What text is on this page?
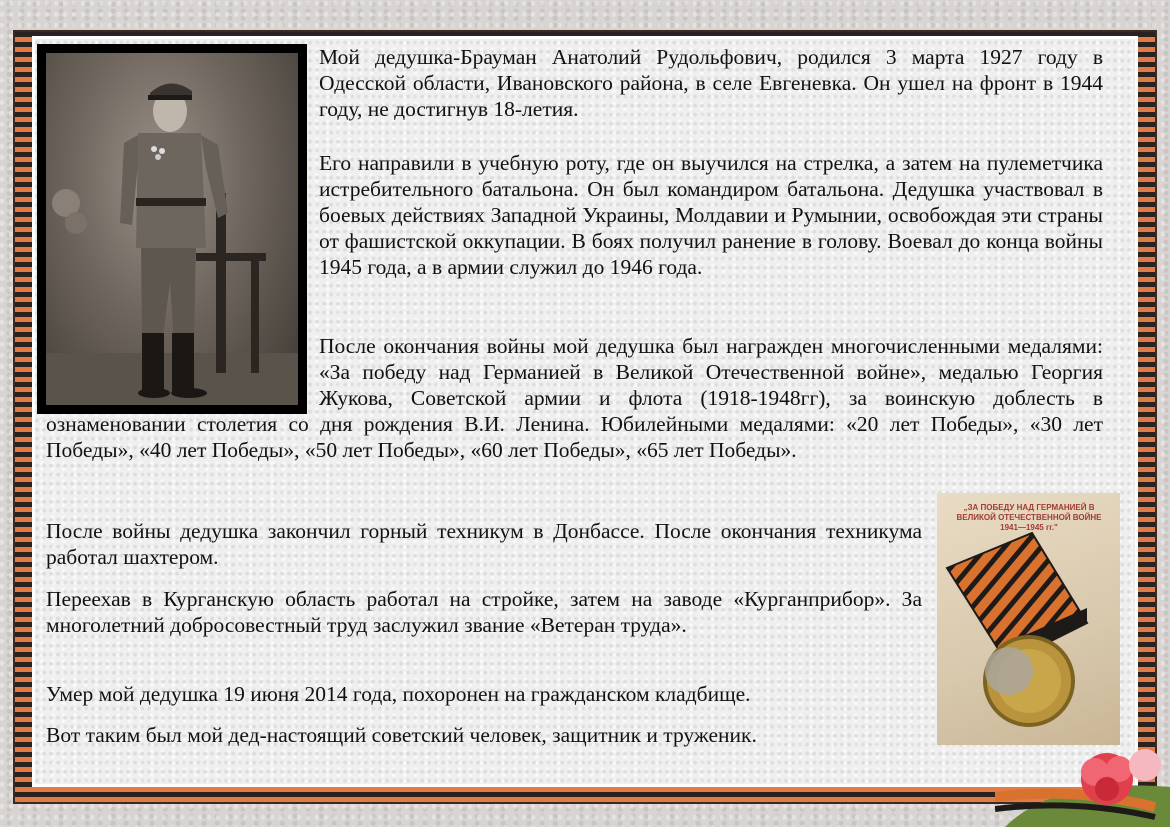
Мой дедушка-Брауман Анатолий Рудольфович, родился 3 марта 1927 году в Одесской области, Ивановского района, в селе Евгеневка. Он ушел на фронт в 1944 году, не достигнув 18-летия.

Его направили в учебную роту, где он выучился на стрелка, а затем на пулеметчика истребительного батальона. Он был командиром батальона. Дедушка участвовал в боевых действиях Западной Украины, Молдавии и Румынии, освобождая эти страны от фашистской оккупации. В боях получил ранение в голову. Воевал до конца войны 1945 года, а в армии служил до 1946 года.

После окончания войны мой дедушка был награжден многочисленными медалями: «За победу над Германией в Великой Отечественной войне», медалью Георгия Жукова, Советской армии и флота (1918-1948гг), за воинскую доблесть в ознаменовании столетия со дня рождения В.И. Ленина. Юбилейными медалями: «20 лет Победы», «30 лет Победы», «40 лет Победы», «50 лет Победы», «60 лет Победы», «65 лет Победы».

После войны дедушка закончил горный техникум в Донбассе. После окончания техникума работал шахтером.

Переехав в Курганскую область работал на стройке, затем на заводе «Курганприбор». За многолетний добросовестный труд заслужил звание «Ветеран труда».

Умер мой дедушка 19 июня 2014 года, похоронен на гражданском кладбище.

Вот таким был мой дед-настоящий советский человек, защитник и труженик.

„ЗА ПОБЕДУ НАД ГЕРМАНИЕЙ В ВЕЛИКОЙ ОТЕЧЕСТВЕННОЙ ВОЙНЕ 1941—1945 гг."
